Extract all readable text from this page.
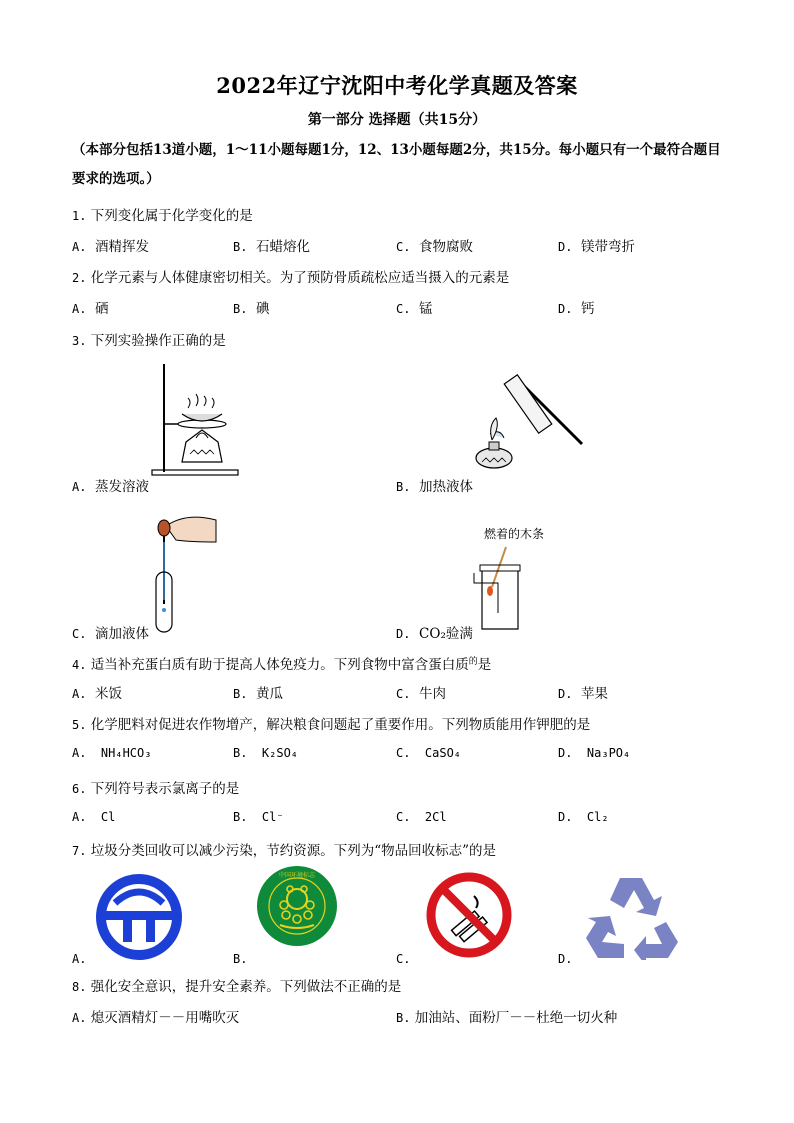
2022年辽宁沈阳中考化学真题及答案
第一部分 选择题（共15分）
（本部分包括13道小题，1～11小题每题1分，12、13小题每题2分，共15分。每小题只有一个最符合题目要求的选项。）
1. 下列变化属于化学变化的是
A. 酒精挥发	B. 石蜡熔化	C. 食物腐败	D. 镁带弯折
2. 化学元素与人体健康密切相关。为了预防骨质疏松应适当摄入的元素是
A. 硒	B. 碘	C. 锰	D. 钙
3. 下列实验操作正确的是
A. 蒸发溶液	B. 加热液体
C. 滴加液体
燃着的木条
D. CO₂验满
4. 适当补充蛋白质有助于提高人体免疫力。下列食物中富含蛋白质$^的$是
A. 米饭	B. 黄瓜	C. 牛肉	D. 苹果
5. 化学肥料对促进农作物增产，解决粮食问题起了重要作用。下列物质能用作钾肥的是
A. NH₄HCO₃	B. K₂SO₄	C. CaSO₄	D. Na₃PO₄
6. 下列符号表示氯离子的是
A. Cl	B. Cl⁻	C. 2Cl	D. Cl₂
7. 垃圾分类回收可以减少污染，节约资源。下列为“物品回收标志”的是
A.
中国环境标志
B.	C.	D.
8. 强化安全意识，提升安全素养。下列做法不正确的是
A. 熄灭酒精灯－－用嘴吹灭	B. 加油站、面粉厂－－杜绝一切火种
